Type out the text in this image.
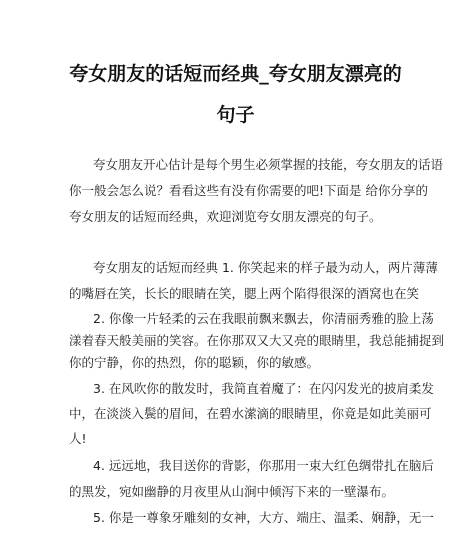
夸女朋友的话短而经典_夸女朋友漂亮的
句子
夸女朋友开心估计是每个男生必须掌握的技能，夸女朋友的话语
你一般会怎么说？看看这些有没有你需要的吧!下面是 给你分享的
夸女朋友的话短而经典，欢迎浏览夸女朋友漂亮的句子。
夸女朋友的话短而经典 1. 你笑起来的样子最为动人，两片薄薄
的嘴唇在笑，长长的眼睛在笑，腮上两个陷得很深的酒窝也在笑
2. 你像一片轻柔的云在我眼前飘来飘去，你清丽秀雅的脸上荡
漾着春天般美丽的笑容。在你那双又大又亮的眼睛里，我总能捕捉到
你的宁静，你的热烈，你的聪颖，你的敏感。
3. 在风吹你的散发时，我简直着魔了：在闪闪发光的披肩柔发
中，在淡淡入鬓的眉间，在碧水潆滴的眼睛里，你竟是如此美丽可
人!
4. 远远地，我目送你的背影，你那用一束大红色绸带扎在脑后
的黑发，宛如幽静的月夜里从山涧中倾泻下来的一壁瀑布。
5. 你是一尊象牙雕刻的女神，大方、端庄、温柔、娴静，无一
